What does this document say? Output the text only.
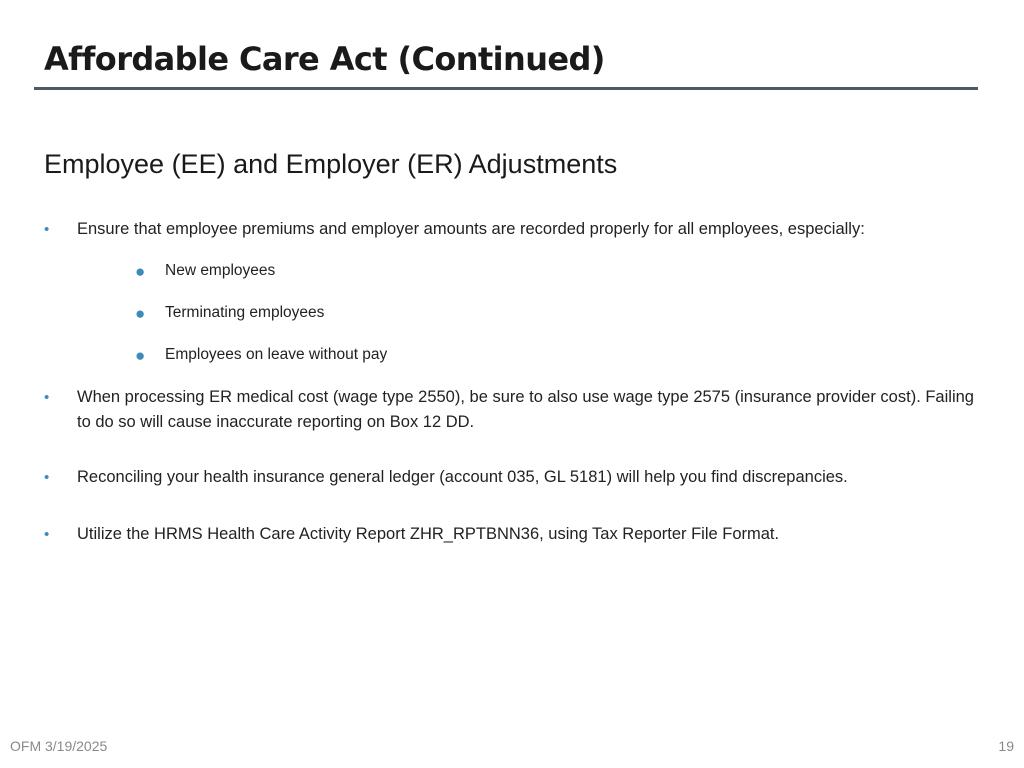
Affordable Care Act (Continued)
Employee (EE) and Employer (ER) Adjustments
• Ensure that employee premiums and employer amounts are recorded properly for all employees, especially:
● New employees
● Terminating employees
● Employees on leave without pay
• When processing ER medical cost (wage type 2550), be sure to also use wage type 2575 (insurance provider cost). Failing to do so will cause inaccurate reporting on Box 12 DD.
• Reconciling your health insurance general ledger (account 035, GL 5181) will help you find discrepancies.
• Utilize the HRMS Health Care Activity Report ZHR_RPTBNN36, using Tax Reporter File Format.
OFM 3/19/2025	19
